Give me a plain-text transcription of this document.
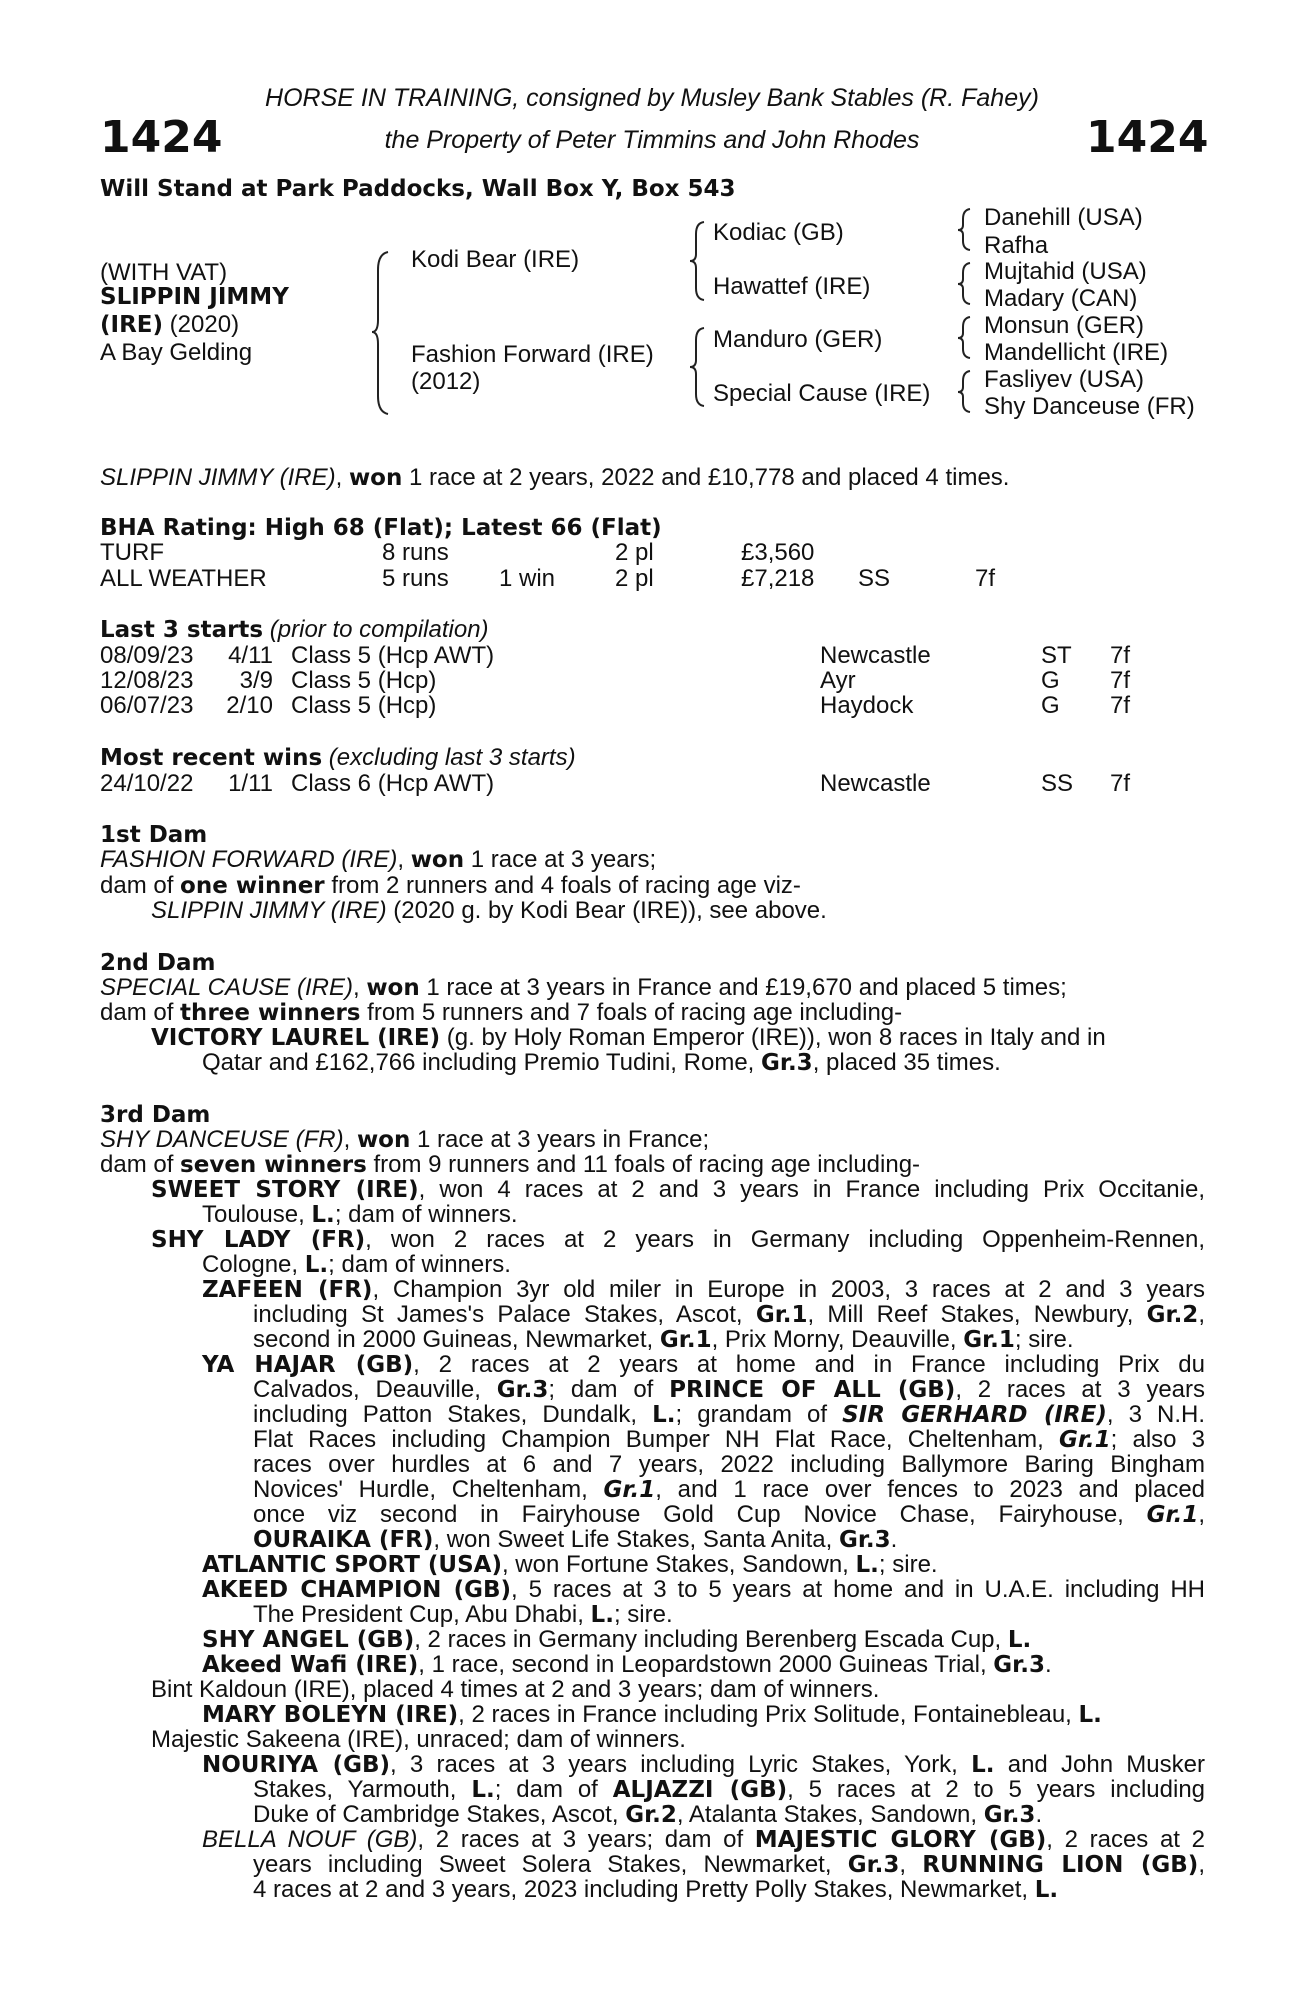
HORSE IN TRAINING, consigned by Musley Bank Stables (R. Fahey)
1424	the Property of Peter Timmins and John Rhodes	1424
Will Stand at Park Paddocks, Wall Box Y, Box 543
(WITH VAT)
SLIPPIN JIMMY
(IRE) (2020)
A Bay Gelding
Kodi Bear (IRE)
Fashion Forward (IRE)
(2012)
Kodiac (GB)
Hawattef (IRE)
Manduro (GER)
Special Cause (IRE)
Danehill (USA)
Rafha
Mujtahid (USA)
Madary (CAN)
Monsun (GER)
Mandellicht (IRE)
Fasliyev (USA)
Shy Danceuse (FR)
SLIPPIN JIMMY (IRE), won 1 race at 2 years, 2022 and £10,778 and placed 4 times.
BHA Rating: High 68 (Flat); Latest 66 (Flat)
TURF	8 runs	2 pl	£3,560
ALL WEATHER	5 runs 1 win 2 pl	£7,218 SS	7f
Last 3 starts (prior to compilation)
08/09/23	4/11 Class 5 (Hcp AWT)	Newcastle	ST 7f
12/08/23	3/9 Class 5 (Hcp)	Ayr	G 7f
06/07/23	2/10 Class 5 (Hcp)	Haydock	G 7f
Most recent wins (excluding last 3 starts)
24/10/22	1/11 Class 6 (Hcp AWT)	Newcastle	SS 7f
1st Dam
FASHION FORWARD (IRE), won 1 race at 3 years;
dam of one winner from 2 runners and 4 foals of racing age viz-
SLIPPIN JIMMY (IRE) (2020 g. by Kodi Bear (IRE)), see above.
2nd Dam
SPECIAL CAUSE (IRE), won 1 race at 3 years in France and £19,670 and placed 5 times;
dam of three winners from 5 runners and 7 foals of racing age including-
VICTORY LAUREL (IRE) (g. by Holy Roman Emperor (IRE)), won 8 races in Italy and in
Qatar and £162,766 including Premio Tudini, Rome, Gr.3, placed 35 times.
3rd Dam
SHY DANCEUSE (FR), won 1 race at 3 years in France;
dam of seven winners from 9 runners and 11 foals of racing age including-
SWEET STORY (IRE), won 4 races at 2 and 3 years in France including Prix Occitanie,
Toulouse, L.; dam of winners.
SHY LADY (FR), won 2 races at 2 years in Germany including Oppenheim-Rennen,
Cologne, L.; dam of winners.
ZAFEEN (FR), Champion 3yr old miler in Europe in 2003, 3 races at 2 and 3 years
including St James's Palace Stakes, Ascot, Gr.1, Mill Reef Stakes, Newbury, Gr.2,
second in 2000 Guineas, Newmarket, Gr.1, Prix Morny, Deauville, Gr.1; sire.
YA HAJAR (GB), 2 races at 2 years at home and in France including Prix du
Calvados, Deauville, Gr.3; dam of PRINCE OF ALL (GB), 2 races at 3 years
including Patton Stakes, Dundalk, L.; grandam of SIR GERHARD (IRE), 3 N.H.
Flat Races including Champion Bumper NH Flat Race, Cheltenham, Gr.1; also 3
races over hurdles at 6 and 7 years, 2022 including Ballymore Baring Bingham
Novices' Hurdle, Cheltenham, Gr.1, and 1 race over fences to 2023 and placed
once viz second in Fairyhouse Gold Cup Novice Chase, Fairyhouse, Gr.1,
OURAIKA (FR), won Sweet Life Stakes, Santa Anita, Gr.3.
ATLANTIC SPORT (USA), won Fortune Stakes, Sandown, L.; sire.
AKEED CHAMPION (GB), 5 races at 3 to 5 years at home and in U.A.E. including HH
The President Cup, Abu Dhabi, L.; sire.
SHY ANGEL (GB), 2 races in Germany including Berenberg Escada Cup, L.
Akeed Wafi (IRE), 1 race, second in Leopardstown 2000 Guineas Trial, Gr.3.
Bint Kaldoun (IRE), placed 4 times at 2 and 3 years; dam of winners.
MARY BOLEYN (IRE), 2 races in France including Prix Solitude, Fontainebleau, L.
Majestic Sakeena (IRE), unraced; dam of winners.
NOURIYA (GB), 3 races at 3 years including Lyric Stakes, York, L. and John Musker
Stakes, Yarmouth, L.; dam of ALJAZZI (GB), 5 races at 2 to 5 years including
Duke of Cambridge Stakes, Ascot, Gr.2, Atalanta Stakes, Sandown, Gr.3.
BELLA NOUF (GB), 2 races at 3 years; dam of MAJESTIC GLORY (GB), 2 races at 2
years including Sweet Solera Stakes, Newmarket, Gr.3, RUNNING LION (GB),
4 races at 2 and 3 years, 2023 including Pretty Polly Stakes, Newmarket, L.
